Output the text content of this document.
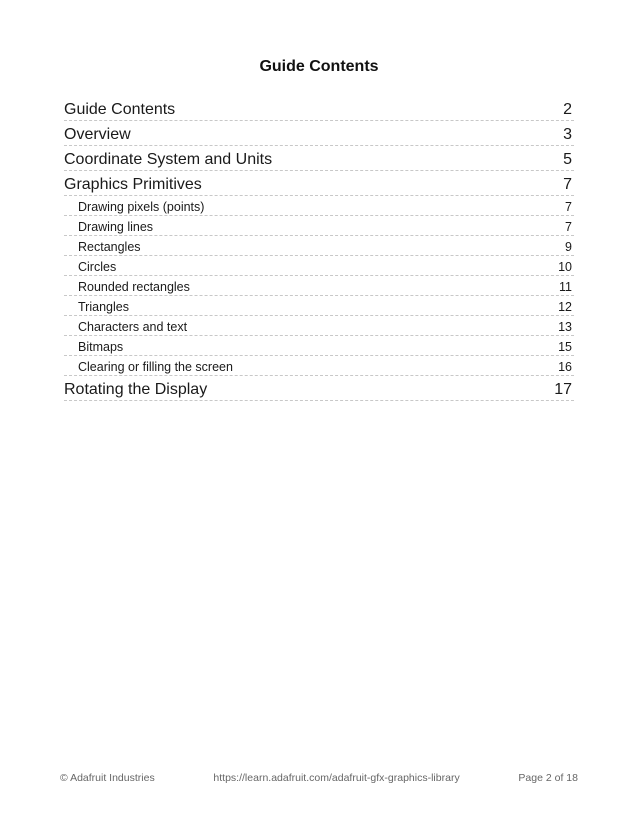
Guide Contents
Guide Contents	2
Overview	3
Coordinate System and Units	5
Graphics Primitives	7
Drawing pixels (points)	7
Drawing lines	7
Rectangles	9
Circles	10
Rounded rectangles	11
Triangles	12
Characters and text	13
Bitmaps	15
Clearing or filling the screen	16
Rotating the Display	17
© Adafruit Industries	https://learn.adafruit.com/adafruit-gfx-graphics-library	Page 2 of 18
